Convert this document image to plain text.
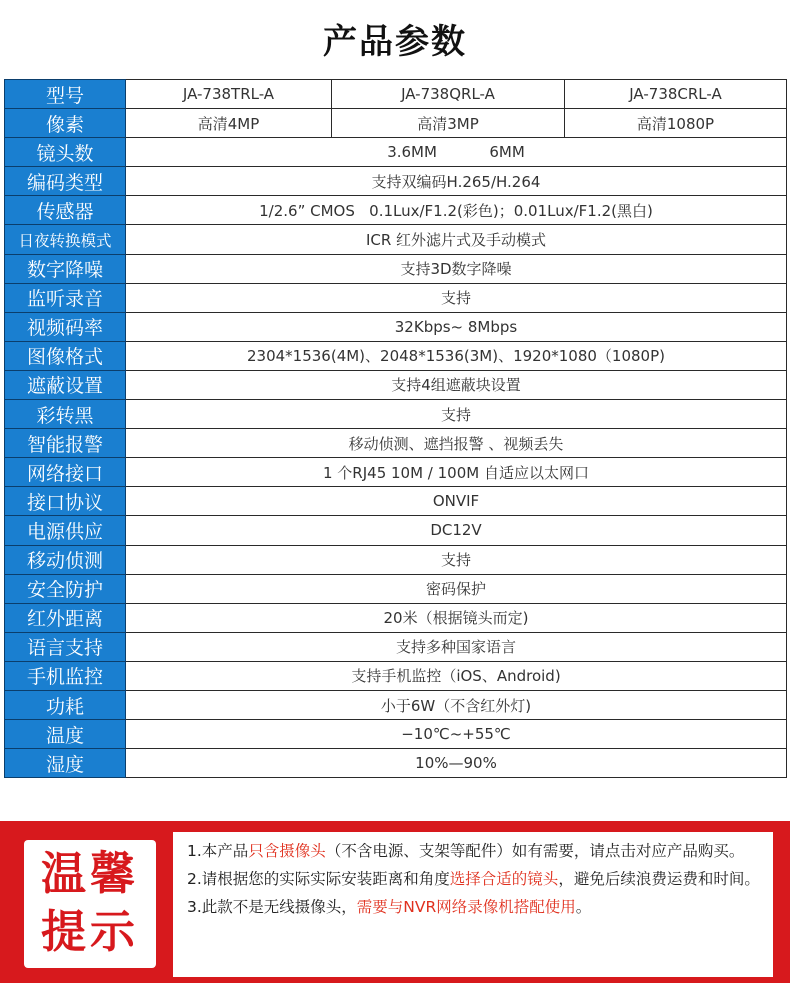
产品参数
型号	JA-738TRL-A	JA-738QRL-A	JA-738CRL-A
像素	高清4MP	高清3MP	高清1080P
镜头数	3.6MM           6MM		
编码类型	支持双编码H.265/H.264		
传感器	1/2.6” CMOS   0.1Lux/F1.2(彩色)；0.01Lux/F1.2(黑白)		
日夜转换模式	ICR 红外滤片式及手动模式		
数字降噪	支持3D数字降噪		
监听录音	支持		
视频码率	32Kbps~ 8Mbps		
图像格式	2304*1536(4M)、2048*1536(3M)、1920*1080（1080P)		
遮蔽设置	支持4组遮蔽块设置		
彩转黑	支持		
智能报警	移动侦测、遮挡报警 、视频丢失		
网络接口	1 个RJ45 10M / 100M 自适应以太网口		
接口协议	ONVIF		
电源供应	DC12V		
移动侦测	支持		
安全防护	密码保护		
红外距离	20米（根据镜头而定)		
语言支持	支持多种国家语言		
手机监控	支持手机监控（iOS、Android)		
功耗	小于6W（不含红外灯)		
温度	−10℃~+55℃		
湿度	10%—90%		
温馨
提示
1.本产品只含摄像头（不含电源、支架等配件）如有需要，请点击对应产品购买。
2.请根据您的实际实际安装距离和角度选择合适的镜头，避免后续浪费运费和时间。
3.此款不是无线摄像头，需要与NVR网络录像机搭配使用。
